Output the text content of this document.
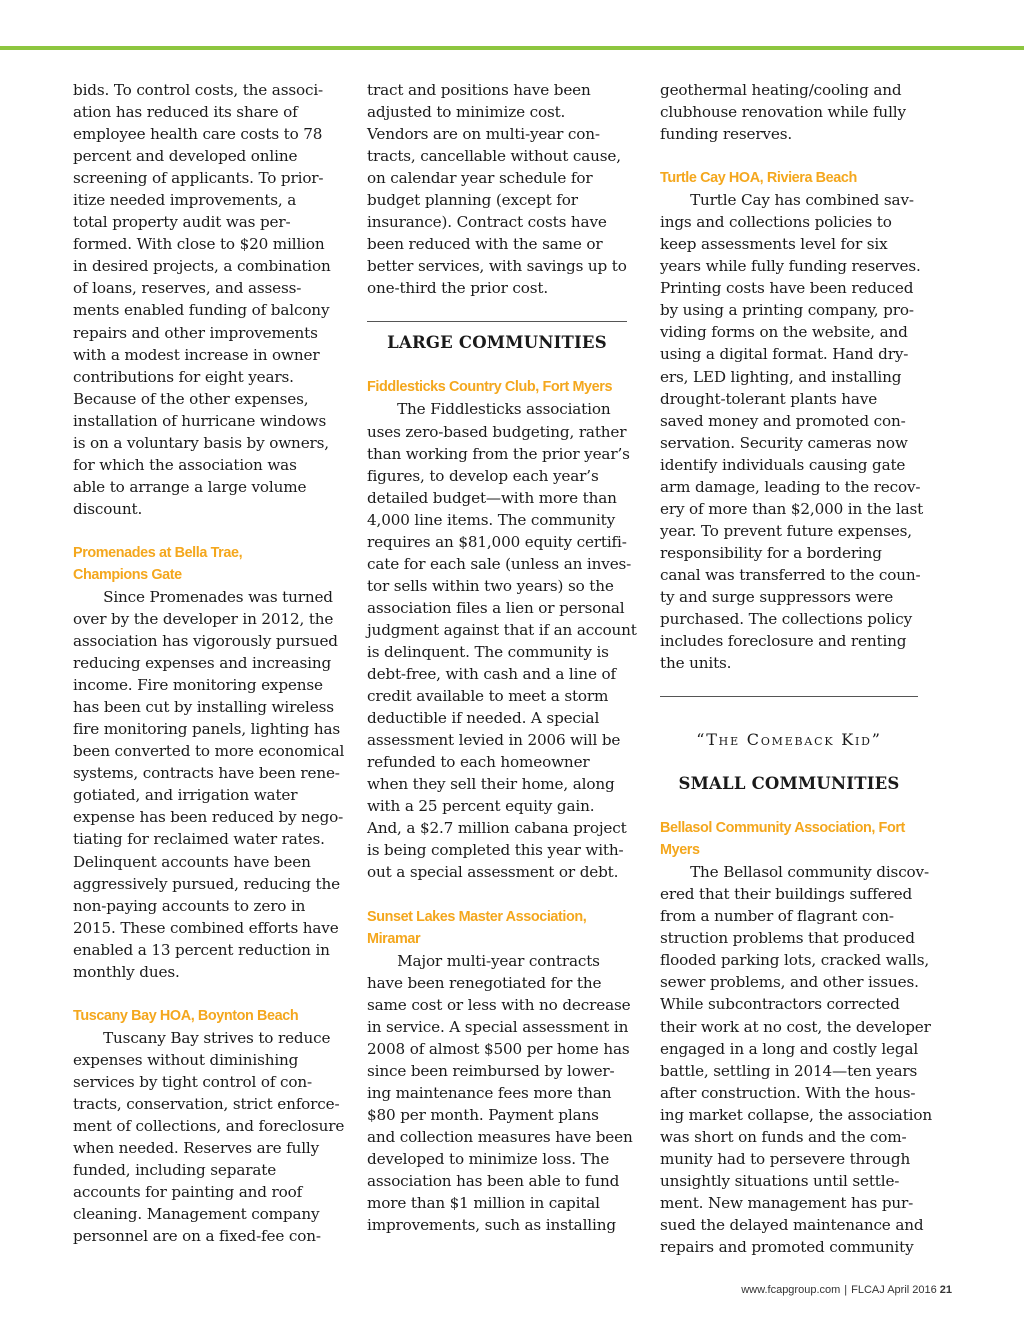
bids. To control costs, the associ-
ation has reduced its share of
employee health care costs to 78
percent and developed online
screening of applicants. To prior-
itize needed improvements, a
total property audit was per-
formed. With close to $20 million
in desired projects, a combination
of loans, reserves, and assess-
ments enabled funding of balcony
repairs and other improvements
with a modest increase in owner
contributions for eight years.
Because of the other expenses,
installation of hurricane windows
is on a voluntary basis by owners,
for which the association was
able to arrange a large volume
discount.

Promenades at Bella Trae,
Champions Gate

  Since Promenades was turned
over by the developer in 2012, the
association has vigorously pursued
reducing expenses and increasing
income. Fire monitoring expense
has been cut by installing wireless
fire monitoring panels, lighting has
been converted to more economical
systems, contracts have been rene-
gotiated, and irrigation water
expense has been reduced by nego-
tiating for reclaimed water rates.
Delinquent accounts have been
aggressively pursued, reducing the
non-paying accounts to zero in
2015. These combined efforts have
enabled a 13 percent reduction in
monthly dues.

Tuscany Bay HOA, Boynton Beach

  Tuscany Bay strives to reduce
expenses without diminishing
services by tight control of con-
tracts, conservation, strict enforce-
ment of collections, and foreclosure
when needed. Reserves are fully
funded, including separate
accounts for painting and roof
cleaning. Management company
personnel are on a fixed-fee con-

tract and positions have been
adjusted to minimize cost.
Vendors are on multi-year con-
tracts, cancellable without cause,
on calendar year schedule for
budget planning (except for
insurance). Contract costs have
been reduced with the same or
better services, with savings up to
one-third the prior cost.

LARGE COMMUNITIES
Fiddlesticks Country Club, Fort Myers

  The Fiddlesticks association
uses zero-based budgeting, rather
than working from the prior year’s
figures, to develop each year’s
detailed budget—with more than
4,000 line items. The community
requires an $81,000 equity certifi-
cate for each sale (unless an inves-
tor sells within two years) so the
association files a lien or personal
judgment against that if an account
is delinquent. The community is
debt-free, with cash and a line of
credit available to meet a storm
deductible if needed. A special
assessment levied in 2006 will be
refunded to each homeowner
when they sell their home, along
with a 25 percent equity gain.
And, a $2.7 million cabana project
is being completed this year with-
out a special assessment or debt.

Sunset Lakes Master Association,
Miramar

  Major multi-year contracts
have been renegotiated for the
same cost or less with no decrease
in service. A special assessment in
2008 of almost $500 per home has
since been reimbursed by lower-
ing maintenance fees more than
$80 per month. Payment plans
and collection measures have been
developed to minimize loss. The
association has been able to fund
more than $1 million in capital
improvements, such as installing

geothermal heating/cooling and
clubhouse renovation while fully
funding reserves.

Turtle Cay HOA, Riviera Beach

  Turtle Cay has combined sav-
ings and collections policies to
keep assessments level for six
years while fully funding reserves.
Printing costs have been reduced
by using a printing company, pro-
viding forms on the website, and
using a digital format. Hand dry-
ers, LED lighting, and installing
drought-tolerant plants have
saved money and promoted con-
servation. Security cameras now
identify individuals causing gate
arm damage, leading to the recov-
ery of more than $2,000 in the last
year. To prevent future expenses,
responsibility for a bordering
canal was transferred to the coun-
ty and surge suppressors were
purchased. The collections policy
includes foreclosure and renting
the units.

“The Comeback Kid”
SMALL COMMUNITIES
Bellasol Community Association, Fort
Myers

  The Bellasol community discov-
ered that their buildings suffered
from a number of flagrant con-
struction problems that produced
flooded parking lots, cracked walls,
sewer problems, and other issues.
While subcontractors corrected
their work at no cost, the developer
engaged in a long and costly legal
battle, settling in 2014—ten years
after construction. With the hous-
ing market collapse, the association
was short on funds and the com-
munity had to persevere through
unsightly situations until settle-
ment. New management has pur-
sued the delayed maintenance and
repairs and promoted community

www.fcapgroup.com | FLCAJ April 2016 21
